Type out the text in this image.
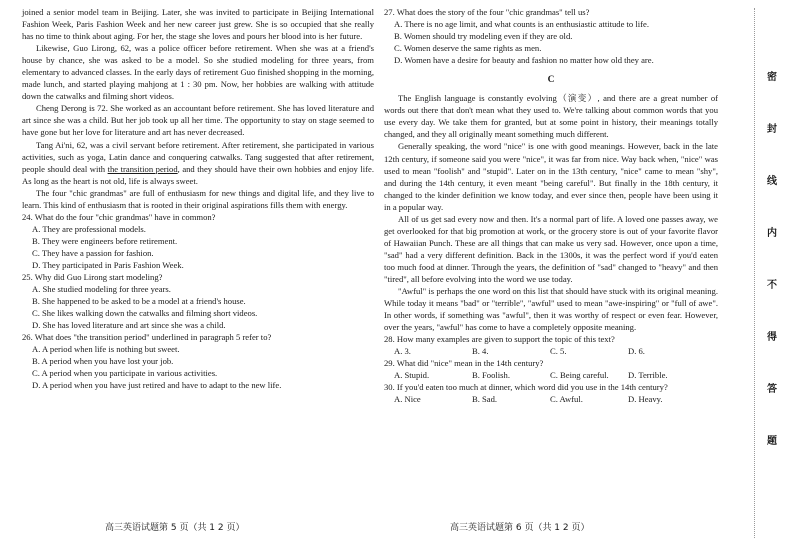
joined a senior model team in Beijing. Later, she was invited to participate in Beijing International Fashion Week, Paris Fashion Week and her new career just grew. She is so occupied that she really has no time to think about aging. For her, the stage she loves and pours her blood into is her future.

Likewise, Guo Lirong, 62, was a police officer before retirement. When she was at a friend's house by chance, she was asked to be a model. So she studied modeling for three years, from elementary to advanced classes. In the early days of retirement Guo finished shopping in the morning, made lunch, and started playing mahjong at 1 : 30 pm. Now, her hobbies are walking with attitude down the catwalks and filming short videos.

Cheng Derong is 72. She worked as an accountant before retirement. She has loved literature and art since she was a child. But her job took up all her time. The opportunity to stay on stage seemed to have gone but her love for literature and art has never decreased.

Tang Ai'ni, 62, was a civil servant before retirement. After retirement, she participated in various activities, such as yoga, Latin dance and conquering catwalks. Tang suggested that after retirement, people should deal with the transition period, and they should have their own hobbies and enjoy life. As long as the heart is not old, life is always sweet.

The four "chic grandmas" are full of enthusiasm for new things and digital life, and they live to learn. This kind of enthusiasm that is rooted in their original aspirations fills them with energy.

24. What do the four "chic grandmas" have in common?

A. They are professional models.

B. They were engineers before retirement.

C. They have a passion for fashion.

D. They participated in Paris Fashion Week.

25. Why did Guo Lirong start modeling?

A. She studied modeling for three years.

B. She happened to be asked to be a model at a friend's house.

C. She likes walking down the catwalks and filming short videos.

D. She has loved literature and art since she was a child.

26. What does "the transition period" underlined in paragraph 5 refer to?

A. A period when life is nothing but sweet.

B. A period when you have lost your job.

C. A period when you participate in various activities.

D. A period when you have just retired and have to adapt to the new life.

27. What does the story of the four "chic grandmas" tell us?

A. There is no age limit, and what counts is an enthusiastic attitude to life.

B. Women should try modeling even if they are old.

C. Women deserve the same rights as men.

D. Women have a desire for beauty and fashion no matter how old they are.

C

The English language is constantly evolving（演变）, and there are a great number of words out there that don't mean what they used to. We're talking about common words that you use every day. We take them for granted, but at some point in history, their meanings totally changed, and they all originally meant something much different.

Generally speaking, the word "nice" is one with good meanings. However, back in the late 12th century, if someone said you were "nice", it was far from nice. Way back when, "nice" was used to mean "foolish" and "stupid". Later on in the 13th century, "nice" came to mean "shy", and during the 14th century, it even meant "being careful". But finally in the 18th century, it changed to the kinder definition we know today, and ever since then, people have been using it in a popular way.

All of us get sad every now and then. It's a normal part of life. A loved one passes away, we get overlooked for that big promotion at work, or the grocery store is out of your favorite flavor of Hawaiian Punch. These are all things that can make us very sad. However, once upon a time, "sad" had a very different definition. Back in the 1300s, it was the perfect word if you'd eaten too much food at dinner. Through the years, the definition of "sad" changed to "heavy" and then "tired", all before evolving into the word we use today.

"Awful" is perhaps the one word on this list that should have stuck with its original meaning. While today it means "bad" or "terrible", "awful" used to mean "awe-inspiring" or "full of awe". In other words, if something was "awful", then it was worthy of respect or even fear. However, over the years, "awful" has come to have a completely opposite meaning.

28. How many examples are given to support the topic of this text?

A. 3.	B. 4.	C. 5.	D. 6.

29. What did "nice" mean in the 14th century?

A. Stupid.	B. Foolish.	C. Being careful.	D. Terrible.

30. If you'd eaten too much at dinner, which word did you use in the 14th century?

A. Nice	B. Sad.	C. Awful.	D. Heavy.
高三英语试题第 5 页（共 1 2 页）	高三英语试题第 6 页（共 1 2 页）
密
封
线
内
不
得
答
题
